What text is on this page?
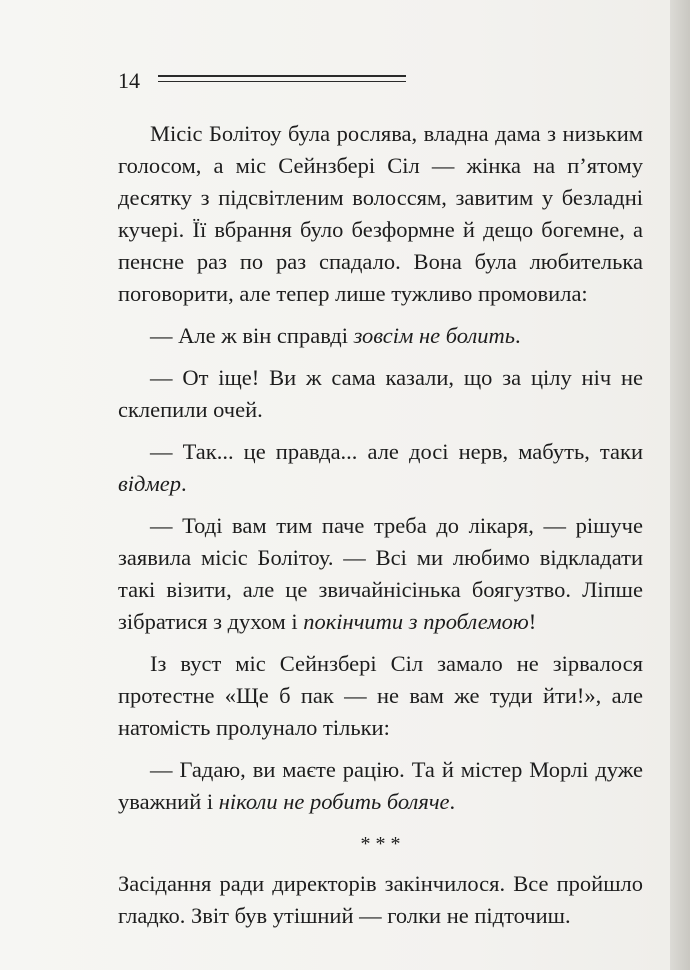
14

Місіс Болітоу була рослява, владна дама з низьким голосом, а міс Сейнзбері Сіл — жінка на п’ятому десятку з підсвітленим волоссям, завитим у безладні кучері. Її вбрання було безформне й дещо богемне, а пенсне раз по раз спадало. Вона була любителька поговорити, але тепер лише тужливо промовила:

— Але ж він справді зовсім не болить.

— От іще! Ви ж сама казали, що за цілу ніч не склепили очей.

— Так... це правда... але досі нерв, мабуть, таки відмер.

— Тоді вам тим паче треба до лікаря, — рішуче заявила місіс Болітоу. — Всі ми любимо відкладати такі візити, але це звичайнісінька боягузтво. Ліпше зібратися з духом і покінчити з проблемою!

Із вуст міс Сейнзбері Сіл замало не зірвалося протестне «Ще б пак — не вам же туди йти!», але натомість пролунало тільки:

— Гадаю, ви маєте рацію. Та й містер Морлі дуже уважний і ніколи не робить боляче.

* * *

Засідання ради директорів закінчилося. Все пройшло гладко. Звіт був утішний — голки не підточиш.
